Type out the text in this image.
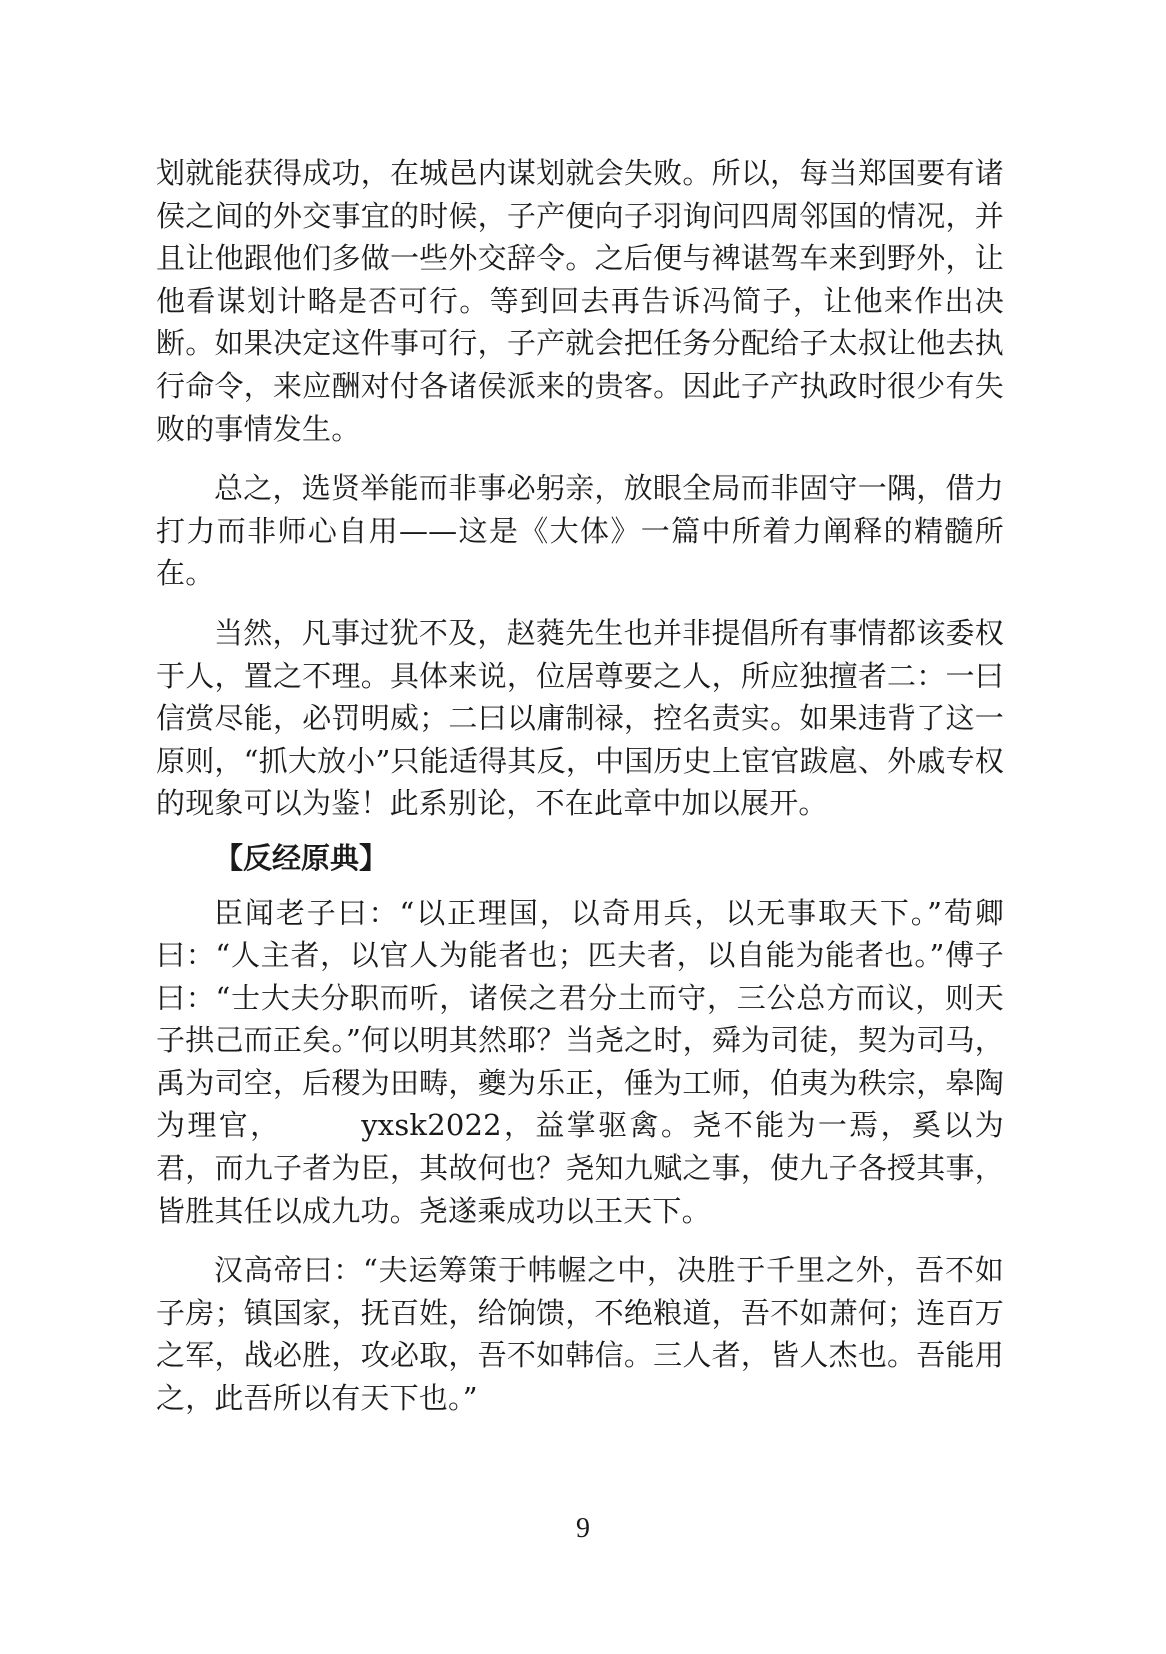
划就能获得成功，在城邑内谋划就会失败。所以，每当郑国要有诸侯之间的外交事宜的时候，子产便向子羽询问四周邻国的情况，并且让他跟他们多做一些外交辞令。之后便与裨谌驾车来到野外，让他看谋划计略是否可行。等到回去再告诉冯简子，让他来作出决断。如果决定这件事可行，子产就会把任务分配给子太叔让他去执行命令，来应酬对付各诸侯派来的贵客。因此子产执政时很少有失败的事情发生。

总之，选贤举能而非事必躬亲，放眼全局而非固守一隅，借力打力而非师心自用——这是《大体》一篇中所着力阐释的精髓所在。

当然，凡事过犹不及，赵蕤先生也并非提倡所有事情都该委权于人，置之不理。具体来说，位居尊要之人，所应独擅者二：一曰信赏尽能，必罚明威；二曰以庸制禄，控名责实。如果违背了这一原则，“抓大放小”只能适得其反，中国历史上宦官跋扈、外戚专权的现象可以为鉴！此系别论，不在此章中加以展开。

【反经原典】

臣闻老子曰：“以正理国，以奇用兵，以无事取天下。”荀卿曰：“人主者，以官人为能者也；匹夫者，以自能为能者也。”傅子曰：“士大夫分职而听，诸侯之君分土而守，三公总方而议，则天子拱己而正矣。”何以明其然耶？当尧之时，舜为司徒，契为司马，禹为司空，后稷为田畴，夔为乐正，倕为工师，伯夷为秩宗，皋陶为理官，　　　yxsk2022，益掌驱禽。尧不能为一焉，奚以为君，而九子者为臣，其故何也？尧知九赋之事，使九子各授其事，皆胜其任以成九功。尧遂乘成功以王天下。

汉高帝曰：“夫运筹策于帏幄之中，决胜于千里之外，吾不如子房；镇国家，抚百姓，给饷馈，不绝粮道，吾不如萧何；连百万之军，战必胜，攻必取，吾不如韩信。三人者，皆人杰也。吾能用之，此吾所以有天下也。”

9
